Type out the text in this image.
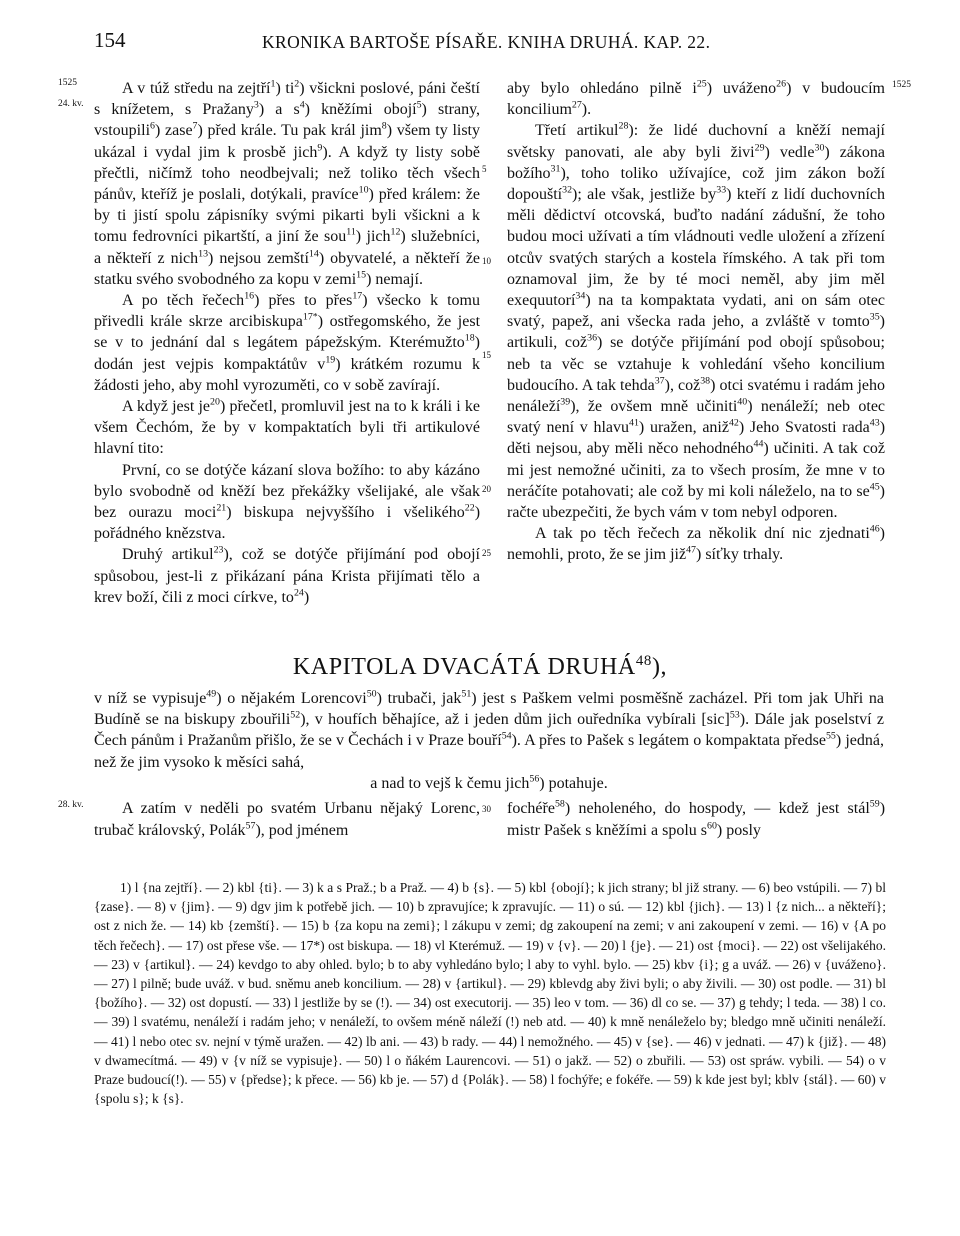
154	KRONIKA BARTOŠE PÍSAŘE. KNIHA DRUHÁ. KAP. 22.
1525
24. kv.
1525
28. kv.
5
10
15
20
25
30

A v túž středu na zejtří$^1$) $ti^2$) všickni poslové, páni čeští s knížetem, s Pražany$^3$) a $s^4$) kněžími obojí$^5$) strany, vstoupili$^6$) zase$^7$) před krále. Tu pak král jim$^8$) všem ty listy ukázal i vydal jim k prosbě jich$^9$). A když ty listy sobě přečtli, ničímž toho neodbejvali; než toliko těch všech pánův, kteříž je poslali, dotýkali, pravíce$^{10}$) před králem: že by ti jistí spolu zápisníky svými pikarti byli všickni a k tomu fedrovníci pikartští, a jiní že sou$^{11}$) jich$^{12}$) služebníci, a někteří z nich$^{13}$) nejsou zemští$^{14}$) obyvatelé, a někteří že statku svého svobodného za kopu v zemi$^{15}$) nemají.

A po těch řečech$^{16}$) přes to přes$^{17}$) všecko k tomu přivedli krále skrze arcibiskupa$^{17*}$) ostřegomského, že jest se v to jednání dal s legátem pápežským. Kterémužto$^{18}$) dodán jest vejpis kompaktátův $v^{19}$) krátkém rozumu k žádosti jeho, aby mohl vyrozuměti, co v sobě zavírají.

A když jest $je^{20}$) přečetl, promluvil jest na to k králi i ke všem Čechóm, že by v kompaktatích byli tři artikulové hlavní tito:

První, co se dotýče kázaní slova božího: to aby kázáno bylo svobodně od kněží bez překážky všelijaké, ale však bez ourazu moci$^{21}$) biskupa nejvyššího i všelikého$^{22}$) pořádného knězstva.

Druhý artikul$^{23}$), což se dotýče přijímání pod obojí spůsobou, jest-li z přikázaní pána Krista přijímati tělo a krev boží, čili z moci církve, $to^{24}$)

aby bylo ohledáno pilně $i^{25}$) uváženo$^{26}$) v budoucím koncilium$^{27}$).

Třetí artikul$^{28}$): že lidé duchovní a kněží nemají světsky panovati, ale aby byli živi$^{29}$) vedle$^{30}$) zákona božího$^{31}$), toho toliko užívajíce, což jim zákon boží dopouští$^{32}$); ale však, jestliže $by^{33}$) kteří z lidí duchovních měli dědictví otcovská, buďto nadání zádušní, že toho budou moci užívati a tím vládnouti vedle uložení a zřízení otcův svatých starých a kostela římského. A tak při tom oznamoval jim, že by té moci neměl, aby jim měl exequutorí$^{34}$) na ta kompaktata vydati, ani on sám otec svatý, papež, ani všecka rada jeho, a zvláště v tomto$^{35}$) artikuli, což$^{36}$) se dotýče přijímání pod obojí spůsobou; neb ta věc se vztahuje k vohledání všeho koncilium budoucího. A tak tehda$^{37}$), což$^{38}$) otci svatému i radám jeho nenáleží$^{39}$), že ovšem mně učiniti$^{40}$) nenáleží; neb otec svatý není v hlavu$^{41}$) uražen, aniž$^{42}$) Jeho Svatosti rada$^{43}$) děti nejsou, aby měli něco nehodného$^{44}$) učiniti. A tak což mi jest nemožné učiniti, za to všech prosím, že mne v to neráčíte potahovati; ale což by mi koli náleželo, na to $se^{45}$) račte ubezpečiti, že bych vám v tom nebyl odporen.

A tak po těch řečech za několik dní nic zjednati$^{46}$) nemohli, proto, že se jim již$^{47}$) síťky trhaly.

KAPITOLA DVACÁTÁ DRUHÁ$^{48}$),
v níž se vypisuje$^{49}$) o nějakém Lorencovi$^{50}$) trubači, jak$^{51}$) jest s Paškem velmi posměšně zacházel. Při tom jak Uhři na Budíně se na biskupy zbouřili$^{52}$), v houfích běhajíce, až i jeden dům jich ouředníka vybírali [sic]$^{53}$). Dále jak poselství z Čech pánům i Pražanům přišlo, že se v Čechách i v Praze bouří$^{54}$). A přes to Pašek s legátem o kompaktata předse$^{55}$) jedná, než že jim vysoko k měsíci sahá,
a nad to vejš k čemu jich$^{56}$) potahuje.
A zatím v neděli po svatém Urbanu nějaký Lorenc, trubač královský, Polák$^{57}$), pod jménem
fochéře$^{58}$) neholeného, do hospody, — kdež jest stál$^{59}$) mistr Pašek s kněžími a spolu $s^{60}$) posly

1) l {na zejtří}. — 2) kbl {ti}. — 3) k a s Praž.; b a Praž. — 4) b {s}. — 5) kbl {obojí}; k jich strany; bl již strany. — 6) beo vstúpili. — 7) bl {zase}. — 8) v {jim}. — 9) dgv jim k potřebě jich. — 10) b zpravujíce; k zpravujíc. — 11) o sú. — 12) kbl {jich}. — 13) l {z nich... a někteří}; ost z nich že. — 14) kb {zemští}. — 15) b {za kopu na zemi}; l zákupu v zemi; dg zakoupení na zemi; v ani zakoupení v zemi. — 16) v {A po těch řečech}. — 17) ost přese vše. — 17*) ost biskupa. — 18) vl Kterémuž. — 19) v {v}. — 20) l {je}. — 21) ost {moci}. — 22) ost všelijakého. — 23) v {artikul}. — 24) kevdgo to aby ohled. bylo; b to aby vyhledáno bylo; l aby to vyhl. bylo. — 25) kbv {i}; g a uváž. — 26) v {uváženo}. — 27) l pilně; bude uváž. v bud. sněmu aneb koncilium. — 28) v {artikul}. — 29) kblevdg aby živi byli; o aby živili. — 30) ost podle. — 31) bl {božího}. — 32) ost dopustí. — 33) l jestliže by se (!). — 34) ost executorij. — 35) leo v tom. — 36) dl co se. — 37) g tehdy; l teda. — 38) l co. — 39) l svatému, nenáleží i radám jeho; v nenáleží, to ovšem méně náleží (!) neb atd. — 40) k mně nenáleželo by; bledgo mně učiniti nenáleží. — 41) l nebo otec sv. nejní v týmě uražen. — 42) lb ani. — 43) b rady. — 44) l nemožného. — 45) v {se}. — 46) v jednati. — 47) k {již}. — 48) v dwamecítmá. — 49) v {v níž se vypisuje}. — 50) l o ňákém Laurencovi. — 51) o jakž. — 52) o zbuřili. — 53) ost spráw. vybili. — 54) o v Praze budoucí(!). — 55) v {předse}; k přece. — 56) kb je. — 57) d {Polák}. — 58) l fochýře; e fokéře. — 59) k kde jest byl; kblv {stál}. — 60) v {spolu s}; k {s}.
